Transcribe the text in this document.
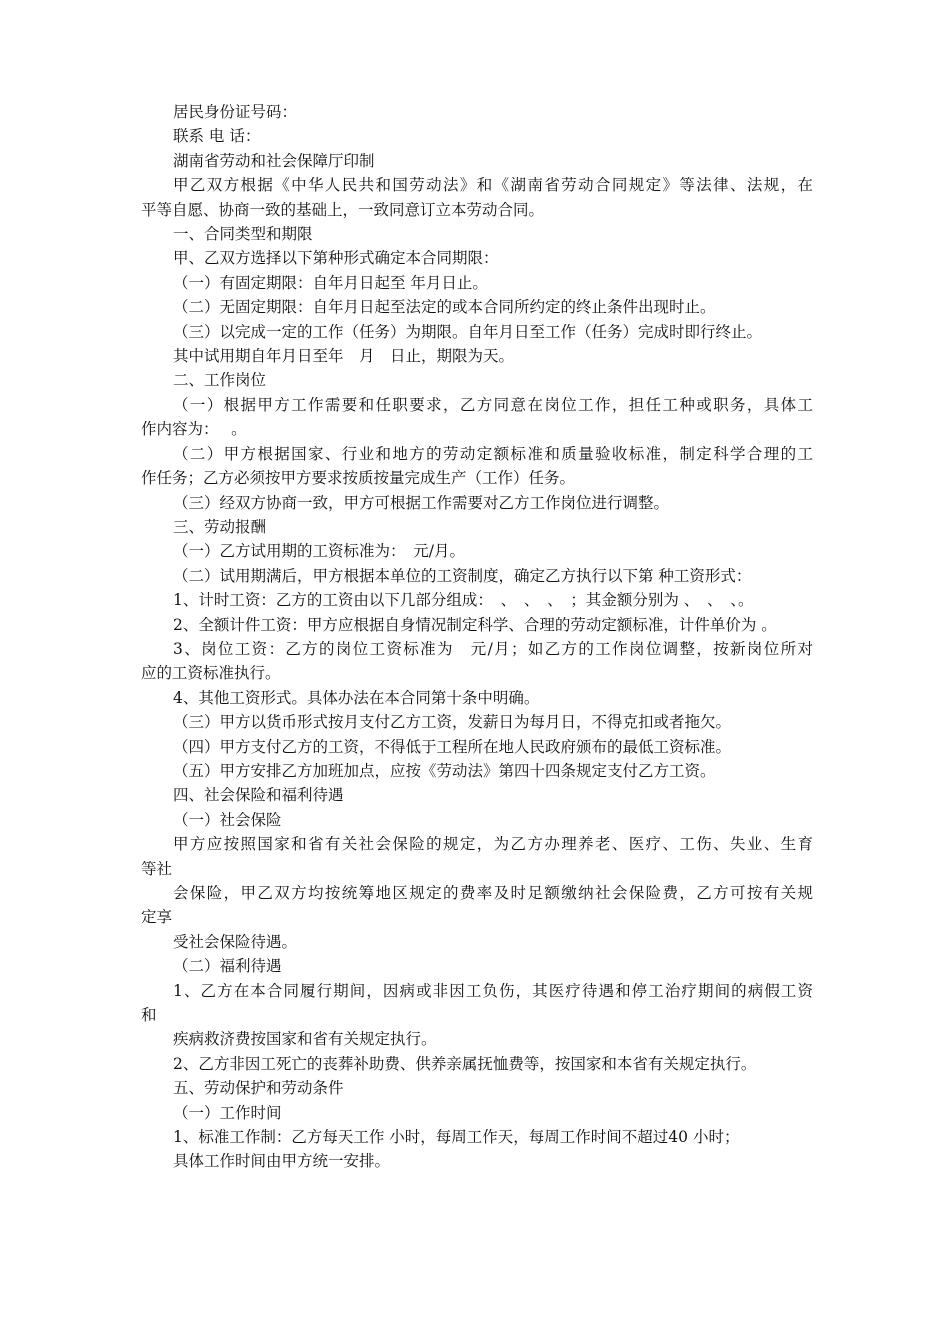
居民身份证号码：
联系 电 话：
湖南省劳动和社会保障厅印制
甲乙双方根据《中华人民共和国劳动法》和《湖南省劳动合同规定》等法律、法规，在
平等自愿、协商一致的基础上，一致同意订立本劳动合同。
一、合同类型和期限
甲、乙双方选择以下第种形式确定本合同期限：
（一）有固定期限：自年月日起至 年月日止。
（二）无固定期限：自年月日起至法定的或本合同所约定的终止条件出现时止。
（三）以完成一定的工作（任务）为期限。自年月日至工作（任务）完成时即行终止。
其中试用期自年月日至年　月　日止，期限为天。
二、工作岗位
（一）根据甲方工作需要和任职要求，乙方同意在岗位工作，担任工种或职务，具体工
作内容为：　 。
（二）甲方根据国家、行业和地方的劳动定额标准和质量验收标准，制定科学合理的工
作任务；乙方必须按甲方要求按质按量完成生产（工作）任务。
（三）经双方协商一致，甲方可根据工作需要对乙方工作岗位进行调整。
三、劳动报酬
（一）乙方试用期的工资标准为：　元/月。
（二）试用期满后，甲方根据本单位的工资制度，确定乙方执行以下第 种工资形式：
1、计时工资：乙方的工资由以下几部分组成：　、　、　、　；其金额分别为 、　、　、。
2、全额计件工资：甲方应根据自身情况制定科学、合理的劳动定额标准，计件单价为 。
3、岗位工资：乙方的岗位工资标准为　元/月；如乙方的工作岗位调整，按新岗位所对
应的工资标准执行。
4、其他工资形式。具体办法在本合同第十条中明确。
（三）甲方以货币形式按月支付乙方工资，发薪日为每月日，不得克扣或者拖欠。
（四）甲方支付乙方的工资，不得低于工程所在地人民政府颁布的最低工资标准。
（五）甲方安排乙方加班加点，应按《劳动法》第四十四条规定支付乙方工资。
四、社会保险和福利待遇
（一）社会保险
甲方应按照国家和省有关社会保险的规定，为乙方办理养老、医疗、工伤、失业、生育
等社
会保险，甲乙双方均按统筹地区规定的费率及时足额缴纳社会保险费，乙方可按有关规
定享
受社会保险待遇。
（二）福利待遇
1、乙方在本合同履行期间，因病或非因工负伤，其医疗待遇和停工治疗期间的病假工资
和
疾病救济费按国家和省有关规定执行。
2、乙方非因工死亡的丧葬补助费、供养亲属抚恤费等，按国家和本省有关规定执行。
五、劳动保护和劳动条件
（一）工作时间
1、标准工作制：乙方每天工作 小时，每周工作天，每周工作时间不超过40 小时；
具体工作时间由甲方统一安排。
